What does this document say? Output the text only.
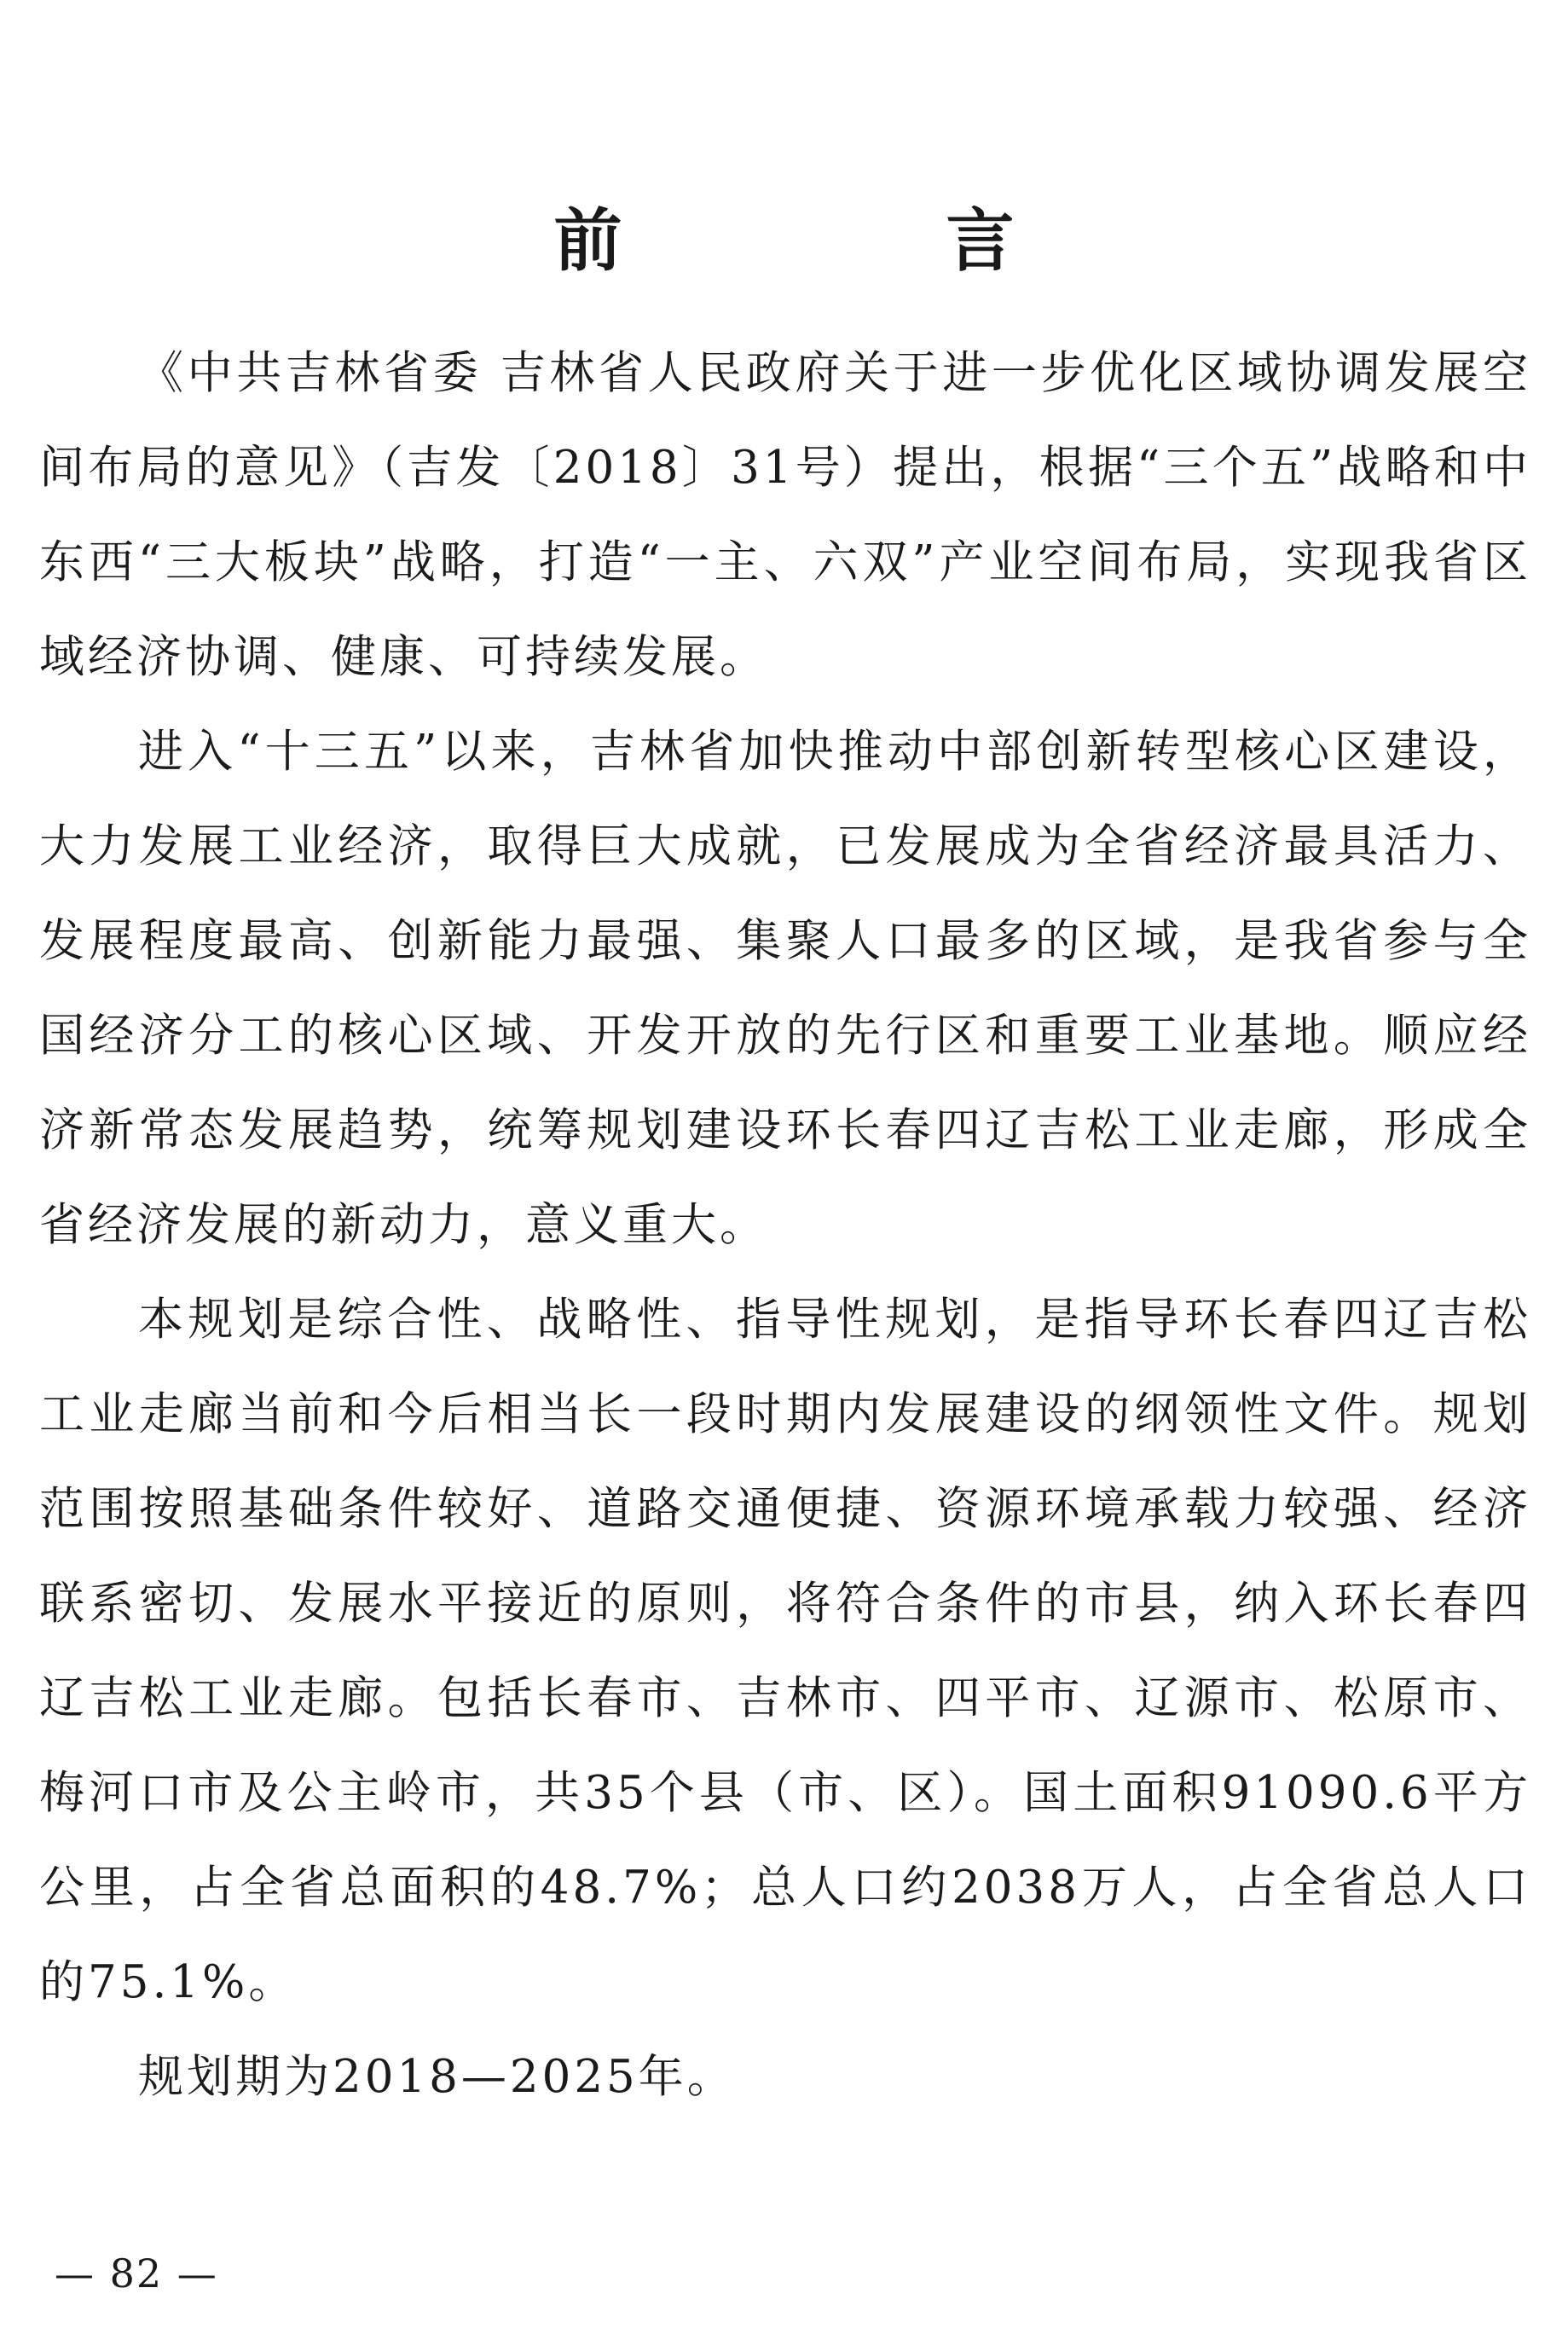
前　言

《中共吉林省委 吉林省人民政府关于进一步优化区域协调发展空间布局的意见》（吉发〔2018〕31号）提出，根据“三个五”战略和中东西“三大板块”战略，打造“一主、六双”产业空间布局，实现我省区域经济协调、健康、可持续发展。

进入“十三五”以来，吉林省加快推动中部创新转型核心区建设，大力发展工业经济，取得巨大成就，已发展成为全省经济最具活力、发展程度最高、创新能力最强、集聚人口最多的区域，是我省参与全国经济分工的核心区域、开发开放的先行区和重要工业基地。顺应经济新常态发展趋势，统筹规划建设环长春四辽吉松工业走廊，形成全省经济发展的新动力，意义重大。

本规划是综合性、战略性、指导性规划，是指导环长春四辽吉松工业走廊当前和今后相当长一段时期内发展建设的纲领性文件。规划范围按照基础条件较好、道路交通便捷、资源环境承载力较强、经济联系密切、发展水平接近的原则，将符合条件的市县，纳入环长春四辽吉松工业走廊。包括长春市、吉林市、四平市、辽源市、松原市、梅河口市及公主岭市，共35个县（市、区）。国土面积91090.6平方公里，占全省总面积的48.7%；总人口约2038万人，占全省总人口的75.1%。

规划期为2018—2025年。

— 82 —
